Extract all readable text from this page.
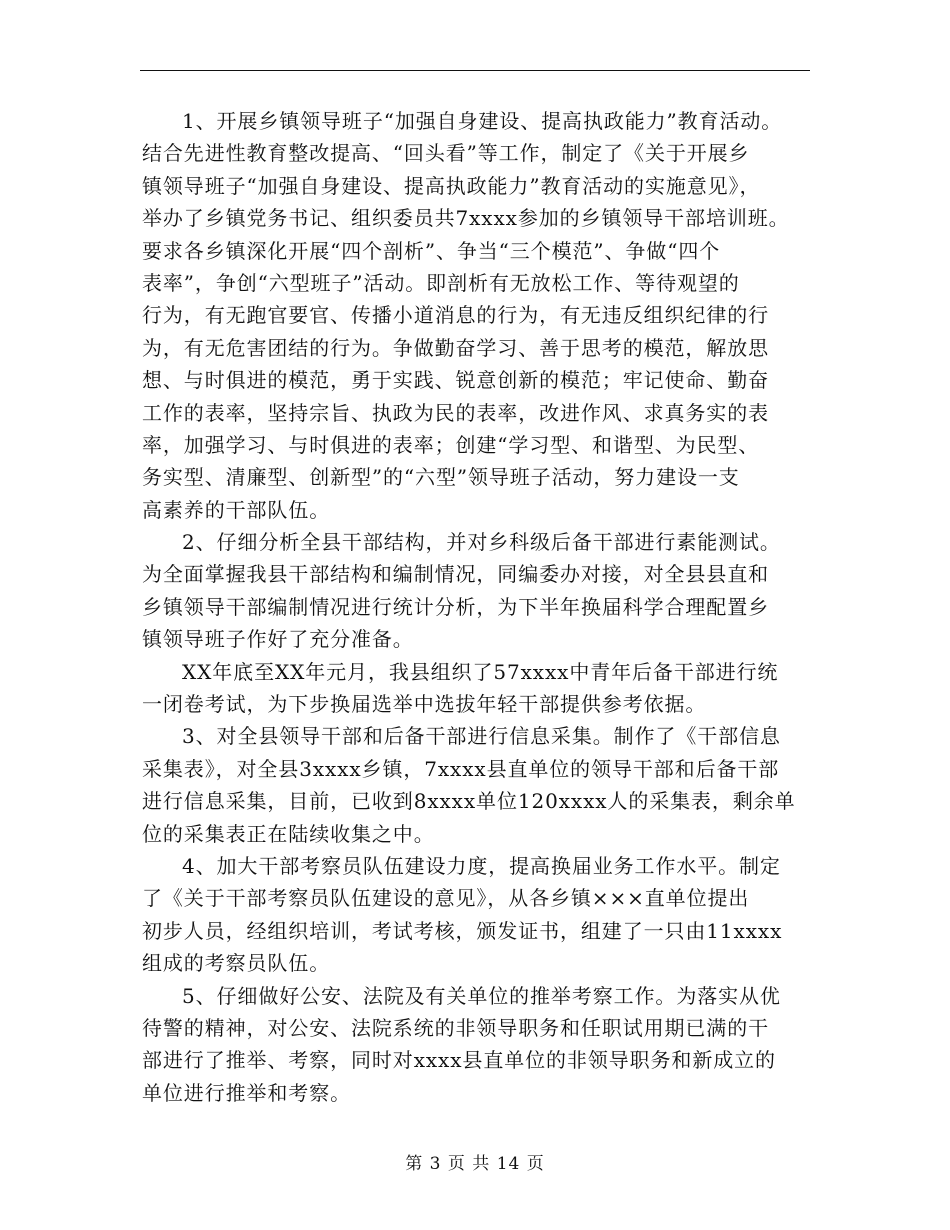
1、开展乡镇领导班子“加强自身建设、提高执政能力”教育活动。
结合先进性教育整改提高、“回头看”等工作，制定了《关于开展乡
镇领导班子“加强自身建设、提高执政能力”教育活动的实施意见》，
举办了乡镇党务书记、组织委员共7xxxx参加的乡镇领导干部培训班。
要求各乡镇深化开展“四个剖析”、争当“三个模范”、争做“四个
表率”，争创“六型班子”活动。即剖析有无放松工作、等待观望的
行为，有无跑官要官、传播小道消息的行为，有无违反组织纪律的行
为，有无危害团结的行为。争做勤奋学习、善于思考的模范，解放思
想、与时俱进的模范，勇于实践、锐意创新的模范；牢记使命、勤奋
工作的表率，坚持宗旨、执政为民的表率，改进作风、求真务实的表
率，加强学习、与时俱进的表率；创建“学习型、和谐型、为民型、
务实型、清廉型、创新型”的“六型”领导班子活动，努力建设一支
高素养的干部队伍。
2、仔细分析全县干部结构，并对乡科级后备干部进行素能测试。
为全面掌握我县干部结构和编制情况，同编委办对接，对全县县直和
乡镇领导干部编制情况进行统计分析，为下半年换届科学合理配置乡
镇领导班子作好了充分准备。
XX年底至XX年元月，我县组织了57xxxx中青年后备干部进行统
一闭卷考试，为下步换届选举中选拔年轻干部提供参考依据。
3、对全县领导干部和后备干部进行信息采集。制作了《干部信息
采集表》，对全县3xxxx乡镇，7xxxx县直单位的领导干部和后备干部
进行信息采集，目前，已收到8xxxx单位120xxxx人的采集表，剩余单
位的采集表正在陆续收集之中。
4、加大干部考察员队伍建设力度，提高换届业务工作水平。制定
了《关于干部考察员队伍建设的意见》，从各乡镇×××直单位提出
初步人员，经组织培训，考试考核，颁发证书，组建了一只由11xxxx
组成的考察员队伍。
5、仔细做好公安、法院及有关单位的推举考察工作。为落实从优
待警的精神，对公安、法院系统的非领导职务和任职试用期已满的干
部进行了推举、考察，同时对xxxx县直单位的非领导职务和新成立的
单位进行推举和考察。
第 3 页 共 14 页
